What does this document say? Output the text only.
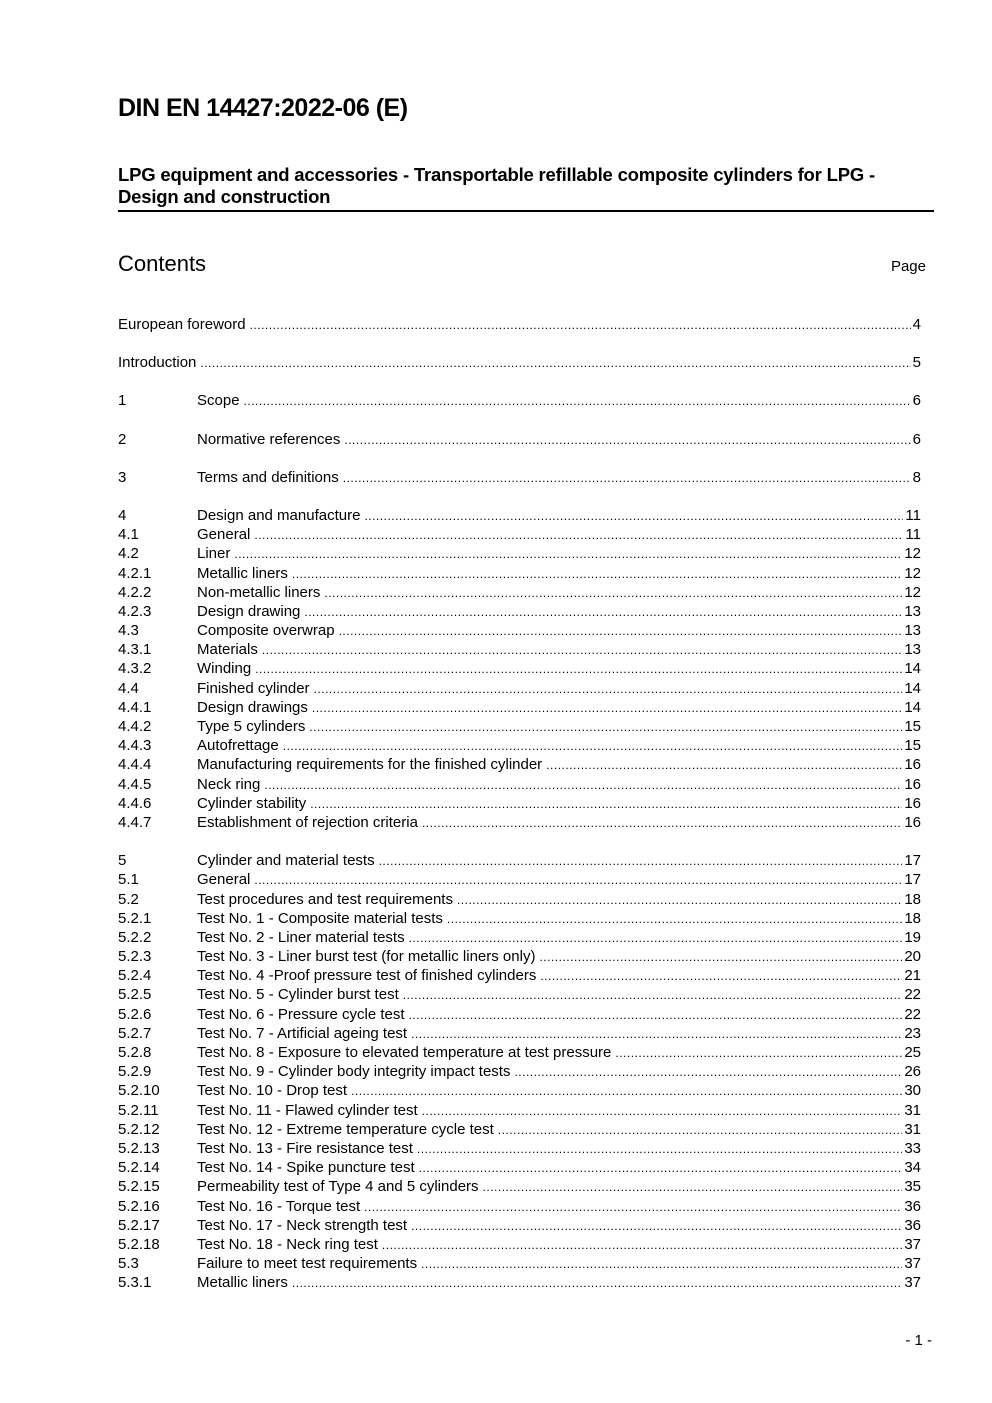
DIN EN 14427:2022-06 (E)
LPG equipment and accessories - Transportable refillable composite cylinders for LPG - Design and construction
Contents	Page
European foreword .....	4
Introduction .....	5
1	Scope .....	6
2	Normative references .....	6
3	Terms and definitions .....	8
4	Design and manufacture .....	11
4.1	General .....	11
4.2	Liner .....	12
4.2.1	Metallic liners .....	12
4.2.2	Non-metallic liners .....	12
4.2.3	Design drawing .....	13
4.3	Composite overwrap .....	13
4.3.1	Materials .....	13
4.3.2	Winding .....	14
4.4	Finished cylinder .....	14
4.4.1	Design drawings .....	14
4.4.2	Type 5 cylinders .....	15
4.4.3	Autofrettage .....	15
4.4.4	Manufacturing requirements for the finished cylinder .....	16
4.4.5	Neck ring .....	16
4.4.6	Cylinder stability .....	16
4.4.7	Establishment of rejection criteria .....	16
5	Cylinder and material tests .....	17
5.1	General .....	17
5.2	Test procedures and test requirements .....	18
5.2.1	Test No. 1 - Composite material tests .....	18
5.2.2	Test No. 2 - Liner material tests .....	19
5.2.3	Test No. 3 - Liner burst test (for metallic liners only) .....	20
5.2.4	Test No. 4 -Proof pressure test of finished cylinders .....	21
5.2.5	Test No. 5 - Cylinder burst test .....	22
5.2.6	Test No. 6 - Pressure cycle test .....	22
5.2.7	Test No. 7 - Artificial ageing test .....	23
5.2.8	Test No. 8 - Exposure to elevated temperature at test pressure .....	25
5.2.9	Test No. 9 - Cylinder body integrity impact tests .....	26
5.2.10	Test No. 10 - Drop test .....	30
5.2.11	Test No. 11 - Flawed cylinder test .....	31
5.2.12	Test No. 12 - Extreme temperature cycle test .....	31
5.2.13	Test No. 13 - Fire resistance test .....	33
5.2.14	Test No. 14 - Spike puncture test .....	34
5.2.15	Permeability test of Type 4 and 5 cylinders .....	35
5.2.16	Test No. 16 - Torque test .....	36
5.2.17	Test No. 17 - Neck strength test .....	36
5.2.18	Test No. 18 - Neck ring test .....	37
5.3	Failure to meet test requirements .....	37
5.3.1	Metallic liners .....	37
- 1 -
